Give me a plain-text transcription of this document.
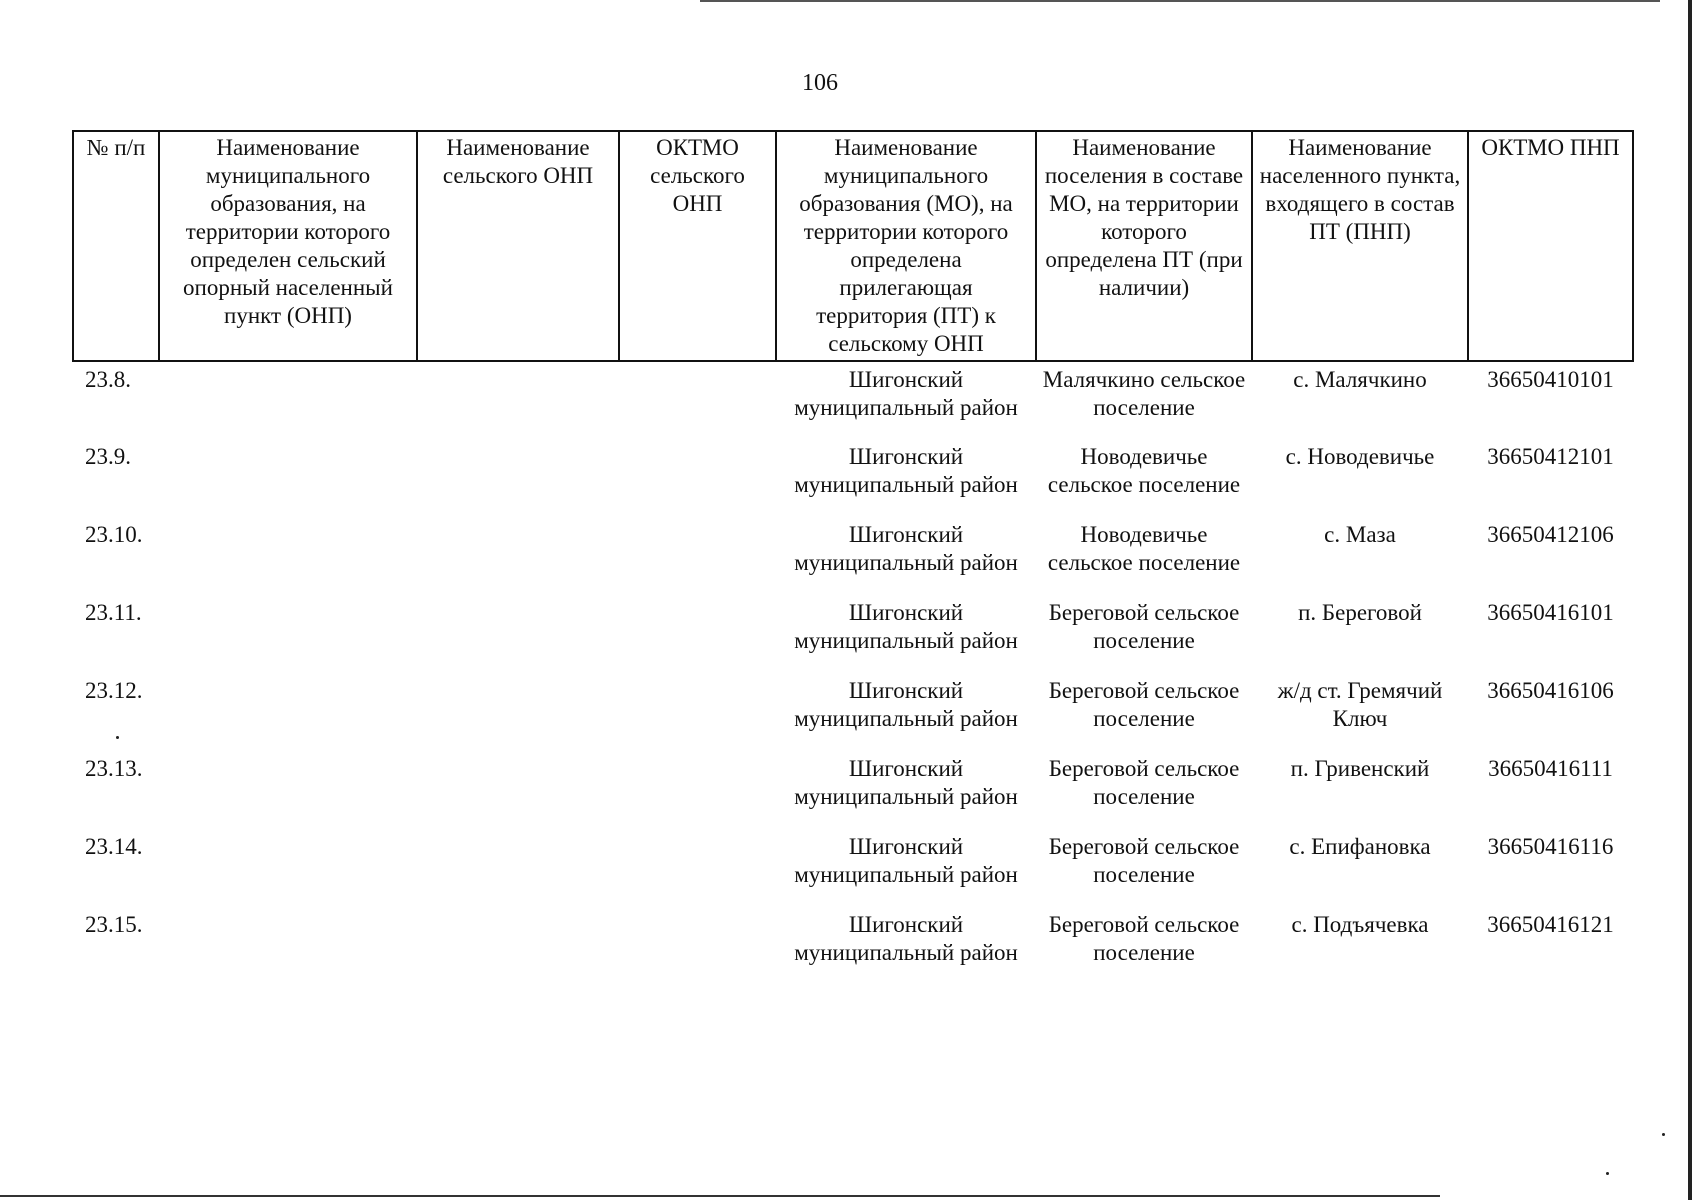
106
№ п/п	Наименование муниципального образования, на территории которого определен сельский опорный населенный пункт (ОНП)	Наименование сельского ОНП	ОКТМО сельского ОНП	Наименование муниципального образования (МО), на территории которого определена прилегающая территория (ПТ) к сельскому ОНП	Наименование поселения в составе МО, на территории которого определена ПТ (при наличии)	Наименование населенного пункта, входящего в состав ПТ (ПНП)	ОКТМО ПНП
23.8.				Шигонский муниципальный район	Малячкино сельское поселение	с. Малячкино	36650410101
23.9.				Шигонский муниципальный район	Новодевичье сельское поселение	с. Новодевичье	36650412101
23.10.				Шигонский муниципальный район	Новодевичье сельское поселение	с. Маза	36650412106
23.11.				Шигонский муниципальный район	Береговой сельское поселение	п. Береговой	36650416101
23.12.				Шигонский муниципальный район	Береговой сельское поселение	ж/д ст. Гремячий Ключ	36650416106
23.13.				Шигонский муниципальный район	Береговой сельское поселение	п. Гривенский	36650416111
23.14.				Шигонский муниципальный район	Береговой сельское поселение	с. Епифановка	36650416116
23.15.				Шигонский муниципальный район	Береговой сельское поселение	с. Подъячевка	36650416121
